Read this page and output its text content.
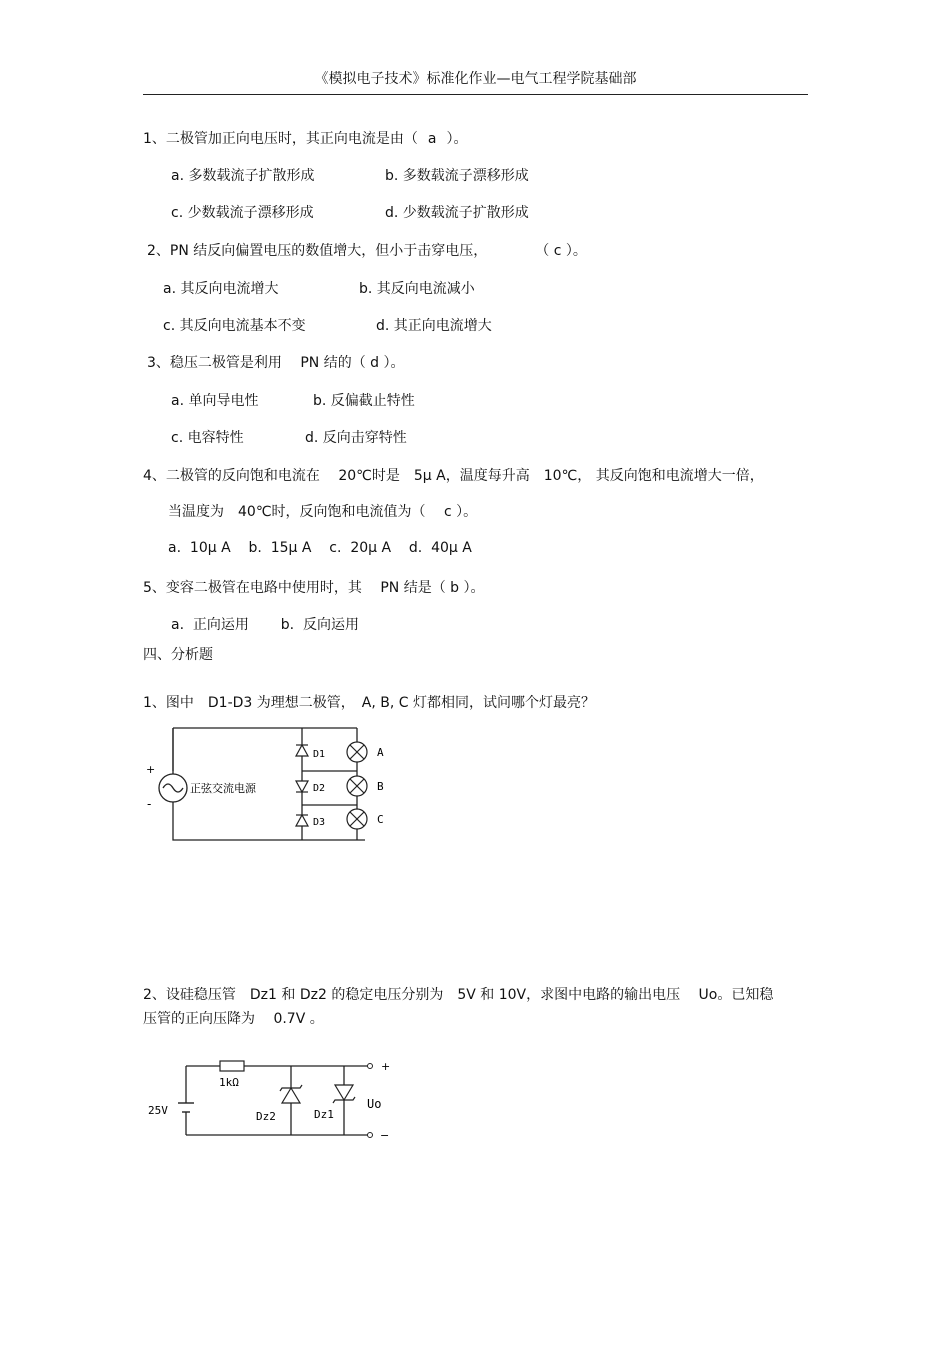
《模拟电子技术》标准化作业—电气工程学院基础部
1、二极管加正向电压时，其正向电流是由（ a ）。
a. 多数载流子扩散形成	b. 多数载流子漂移形成
c. 少数载流子漂移形成	d. 少数载流子扩散形成
2、PN 结反向偏置电压的数值增大，但小于击穿电压，	（ c ）。
a. 其反向电流增大	b. 其反向电流减小
c. 其反向电流基本不变	d. 其正向电流增大
3、稳压二极管是利用　 PN 结的（ d ）。
a. 单向导电性	b. 反偏截止特性
c. 电容特性	d. 反向击穿特性
4、二极管的反向饱和电流在　 20℃时是　5μ A，温度每升高　10℃， 其反向饱和电流增大一倍，
当温度为　40℃时，反向饱和电流值为（　 c ）。
a.  10μ A    b.  15μ A    c.  20μ A    d.  40μ A
5、变容二极管在电路中使用时，其　 PN 结是（ b ）。
a.  正向运用　    b.  反向运用
四、分析题
1、图中　D1-D3 为理想二极管，　A, B, C 灯都相同，试问哪个灯最亮？
+
-
正弦交流电源
D1
D2
D3
A
B
C
2、设硅稳压管　Dz1 和 Dz2 的稳定电压分别为　5V 和 10V，求图中电路的输出电压　 Uo。已知稳
压管的正向压降为　 0.7V 。
25V
1kΩ
Dz2	Dz1
+
−
Uo
